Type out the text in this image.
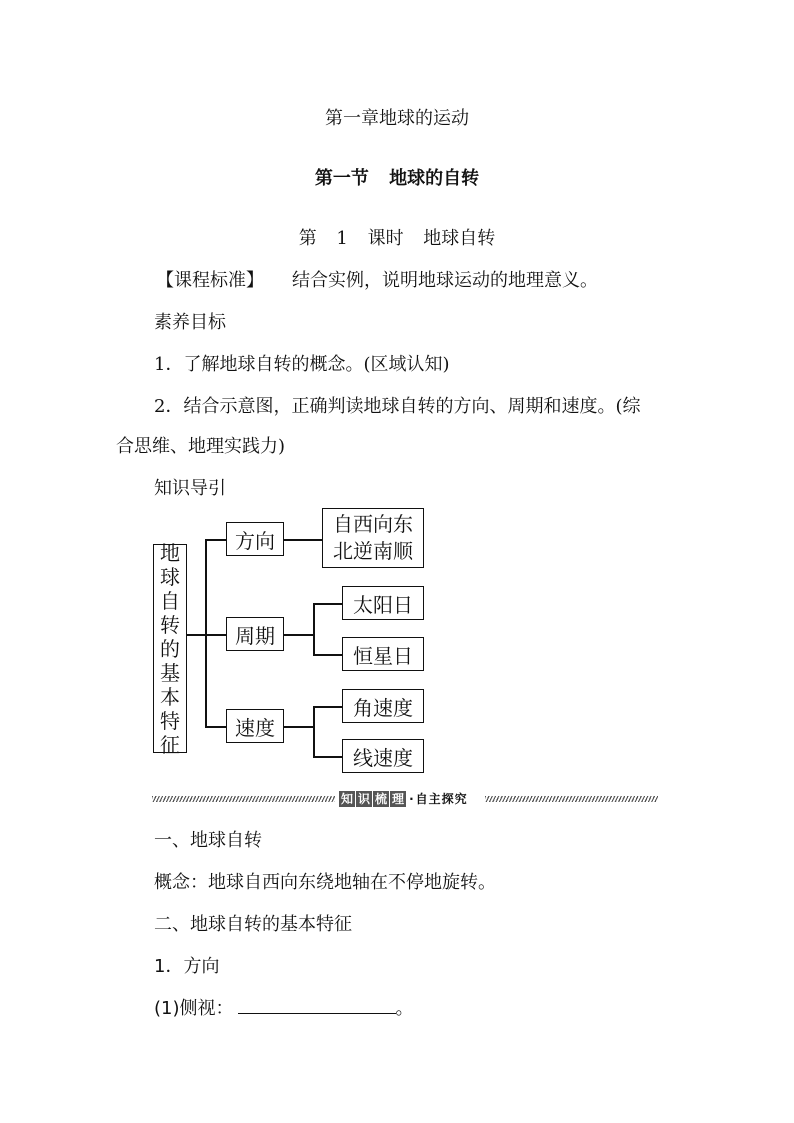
第一章地球的运动
第一节 地球的自转
第 1 课时 地球自转
【课程标准】 结合实例，说明地球运动的地理意义。
素养目标
1．了解地球自转的概念。(区域认知)
2．结合示意图，正确判读地球自转的方向、周期和速度。(综
合思维、地理实践力)
知识导引
地
球
自
转
的
基
本
特
征
方向
自西向东
北逆南顺
周期
太阳日
恒星日
速度
角速度
线速度
知 识 梳 理 · 自主探究
一、地球自转
概念：地球自西向东绕地轴在不停地旋转。
二、地球自转的基本特征
1．方向
(1)侧视：	。
